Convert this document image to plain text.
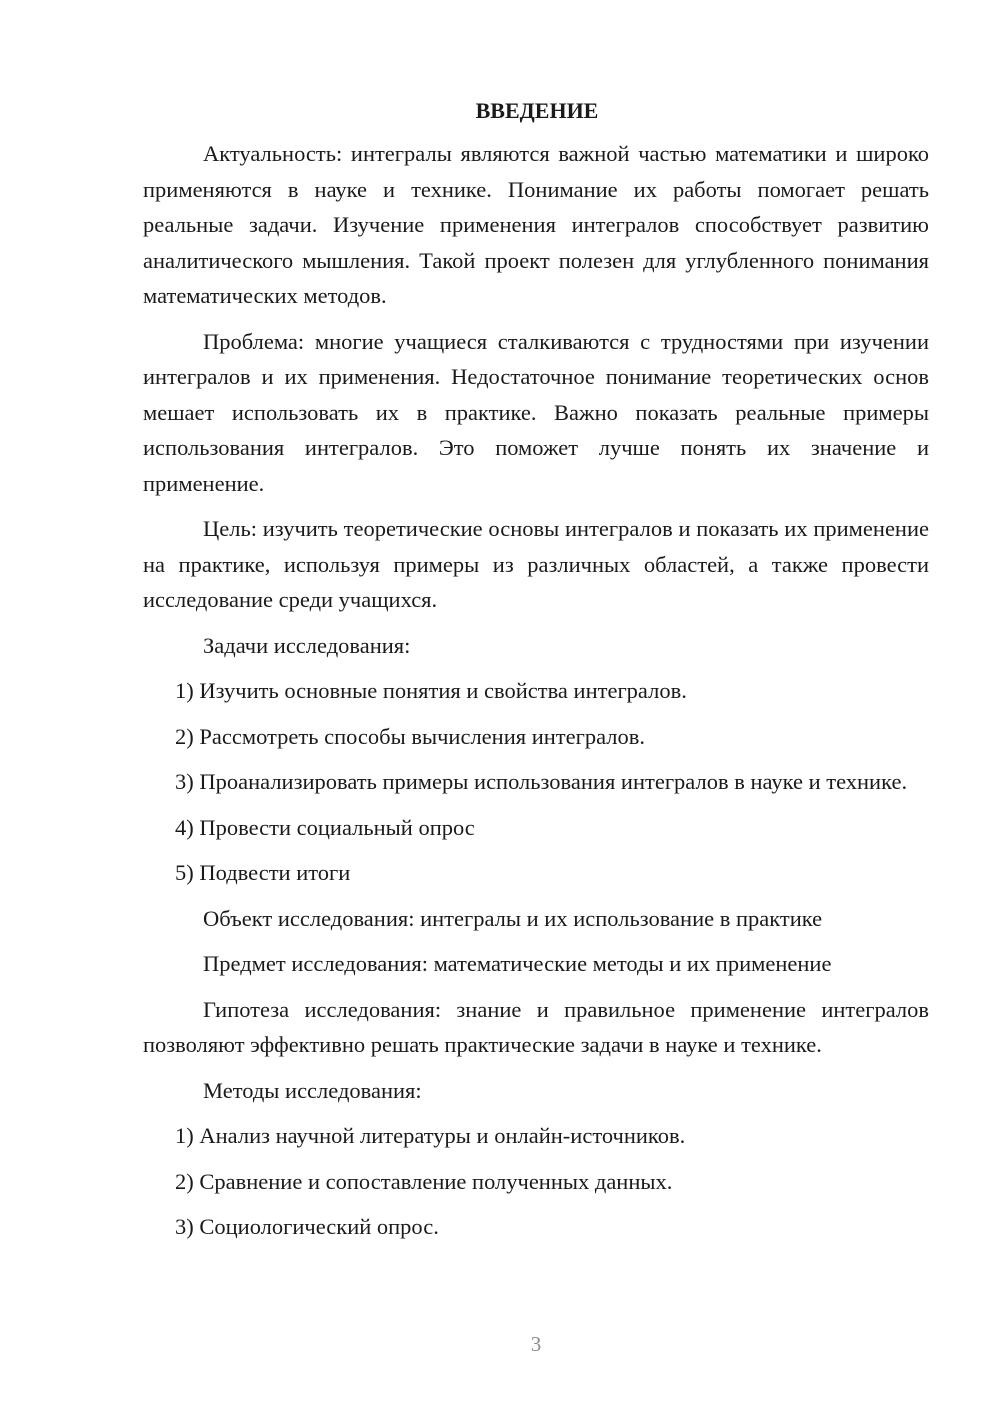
ВВЕДЕНИЕ

Актуальность: интегралы являются важной частью математики и широко применяются в науке и технике. Понимание их работы помогает решать реальные задачи. Изучение применения интегралов способствует развитию аналитического мышления. Такой проект полезен для углубленного понимания математических методов.

Проблема: многие учащиеся сталкиваются с трудностями при изучении интегралов и их применения. Недостаточное понимание теоретических основ мешает использовать их в практике. Важно показать реальные примеры использования интегралов. Это поможет лучше понять их значение и применение.

Цель: изучить теоретические основы интегралов и показать их применение на практике, используя примеры из различных областей, а также провести исследование среди учащихся.

Задачи исследования:

1) Изучить основные понятия и свойства интегралов.

2) Рассмотреть способы вычисления интегралов.

3) Проанализировать примеры использования интегралов в науке и технике.

4) Провести социальный опрос

5) Подвести итоги

Объект исследования: интегралы и их использование в практике

Предмет исследования: математические методы и их применение

Гипотеза исследования: знание и правильное применение интегралов позволяют эффективно решать практические задачи в науке и технике.

Методы исследования:

1) Анализ научной литературы и онлайн-источников.

2) Сравнение и сопоставление полученных данных.

3) Социологический опрос.

3
